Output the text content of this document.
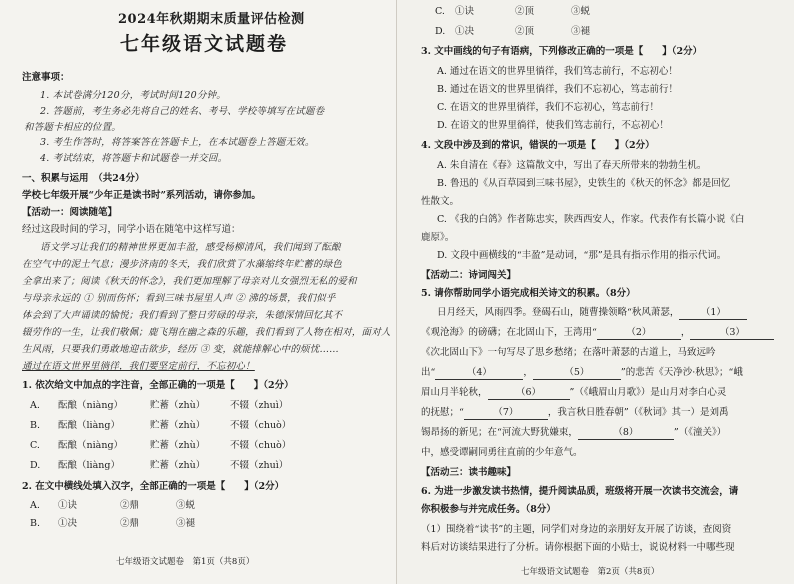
2024年秋期期末质量评估检测
七年级语文试题卷
注意事项：
1. 本试卷满分120分，考试时间120分钟。
2. 答题前，考生务必先将自己的姓名、考号、学校等填写在试题卷
和答题卡相应的位置。
3. 考生作答时，将答案答在答题卡上，在本试题卷上答题无效。
4. 考试结束，将答题卡和试题卷一并交回。
一、积累与运用　（共24分）
学校七年级开展“少年正是读书时”系列活动，请你参加。
【活动一：阅读随笔】
经过这段时间的学习，同学小语在随笔中这样写道：
语文学习让我们的精神世界更加丰盈，感受杨柳清风，我们闻到了酝酿
在空气中的泥土气息；漫步济南的冬天，我们欣赏了水藻缩终年贮蓄的绿色
全拿出来了；阅读《秋天的怀念》，我们更加理解了母亲对儿女强烈无私的爱和
与母亲永远的 ① 别而伤怀；看到三味书屋里人声 ② 沸的场景，我们似乎
体会到了大声诵读的愉悦；我们看到了整日劳碌的母亲，朱德深情回忆其不
辍劳作的一生，让我们敬佩；鹿飞翔在幽之森的乐趣，我们看到了人物在相对，面对人
生风雨，只要我们勇敢地迎击欲步，经历 ③ 变，就能排解心中的烦忧……
通过在语文世界里徜徉，我们要坚定前行，不忘初心！
1. 依次给文中加点的字注音，全部正确的一项是【　　】（2分）
A. 酝酿（niàng）	贮蓄（zhù）	不辍（zhuì）
B. 酝酿（liàng）	贮蓄（zhù）	不辍（chuò）
C. 酝酿（niàng）	贮蓄（zhù）	不辍（chuò）
D. 酝酿（liàng）	贮蓄（zhù）	不辍（zhuì）
2. 在文中横线处填入汉字，全部正确的一项是【　　】（2分）
A. ①诀	②鼎	③蜕
B. ①决	②鼎	③褪
七年级语文试题卷　第1页（共8页）
C. ①诀	②顶	③蜕
D. ①决	②顶	③褪
3. 文中画线的句子有语病，下列修改正确的一项是【　　】（2分）
A. 通过在语文的世界里徜徉，我们笃志前行，不忘初心！
B. 通过在语文的世界里徜徉，我们不忘初心，笃志前行！
C. 在语文的世界里徜徉，我们不忘初心，笃志前行！
D. 在语文的世界里徜徉，使我们笃志前行，不忘初心！
4. 文段中涉及到的常识，错误的一项是【　　】（2分）
A. 朱自清在《春》这篇散文中，写出了春天所带来的勃勃生机。
B. 鲁迅的《从百草园到三味书屋》，史铁生的《秋天的怀念》都是回忆
性散文。
C. 《我的白鸽》作者陈忠实，陕西西安人，作家。代表作有长篇小说《白
鹿原》。
D. 文段中画横线的“丰盈”是动词，“那”是具有指示作用的指示代词。
【活动二：诗词闯关】
5. 请你帮助同学小语完成相关诗文的积累。（8分）
日月经天，风雨四季。登碣石山，随曹操领略“秋风萧瑟， （1）
《观沧海》的磅礴；在北固山下，王湾用“	（2）	，	（3）
《次北固山下》一句写尽了思乡愁绪；在落叶萧瑟的古道上，马致远吟
出“	（4）	，	（5）	”的悲苦《天净沙·秋思》；“峨
眉山月半轮秋，	（6）	”（《峨眉山月歌》）是山月对李白心灵
的抚慰；“	（7）	，我言秋日胜春朝”（《秋词》其一）是刘禹
锡昂扬的新见；在“河流大野犹嫌束，	（8）	”（《潼关》）
中，感受谭嗣同勇往直前的少年意气。
【活动三：读书趣味】
6. 为进一步激发读书热情，提升阅读品质，班级将开展一次读书交流会，请
你积极参与并完成任务。（8分）
（1）围绕着“读书”的主题，同学们对身边的亲朋好友开展了访谈，查阅资
料后对访谈结果进行了分析。请你根据下面的小贴士，说说材料一中哪些现
七年级语文试题卷　第2页（共8页）
